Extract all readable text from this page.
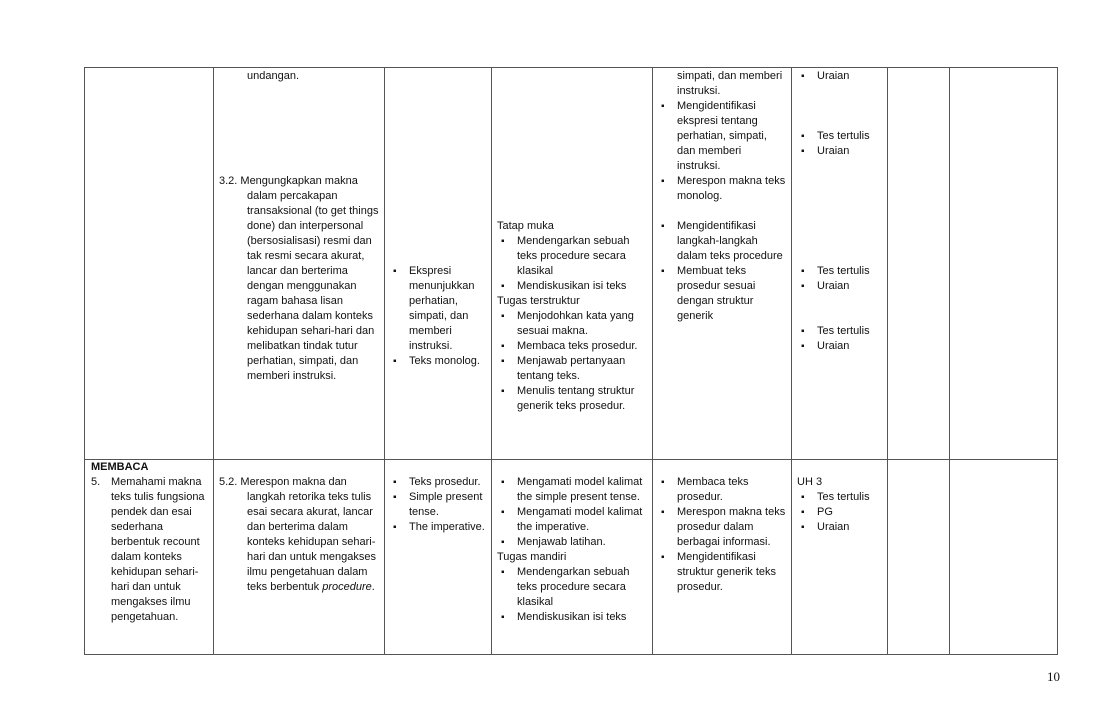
undangan.
3.2. Mengungkapkan makna
dalam percakapan
transaksional (to get things
done) dan interpersonal
(bersosialisasi) resmi dan
tak resmi secara akurat,
lancar dan berterima
dengan menggunakan
ragam bahasa lisan
sederhana dalam konteks
kehidupan sehari-hari dan
melibatkan tindak tutur
perhatian, simpati, dan
memberi instruksi.
▪ Ekspresi
menunjukkan
perhatian,
simpati, dan
memberi
instruksi.
▪ Teks monolog.
Tatap muka
▪ Mendengarkan sebuah
teks procedure secara
klasikal
▪ Mendiskusikan isi teks
Tugas terstruktur
▪ Menjodohkan kata yang
sesuai makna.
▪ Membaca teks prosedur.
▪ Menjawab pertanyaan
tentang teks.
▪ Menulis tentang struktur
generik teks prosedur.
simpati, dan memberi
instruksi.
▪ Mengidentifikasi
ekspresi tentang
perhatian, simpati,
dan memberi
instruksi.
▪ Merespon makna teks
monolog.
▪ Mengidentifikasi
langkah-langkah
dalam teks procedure
▪ Membuat teks
prosedur sesuai
dengan struktur
generik
▪ Uraian
▪ Tes tertulis
▪ Uraian
▪ Tes tertulis
▪ Uraian
▪ Tes tertulis
▪ Uraian
MEMBACA
5. Memahami makna
teks tulis fungsiona
pendek dan esai
sederhana
berbentuk recount
dalam konteks
kehidupan sehari-
hari dan untuk
mengakses ilmu
pengetahuan.
5.2. Merespon makna dan
langkah retorika teks tulis
esai secara akurat, lancar
dan berterima dalam
konteks kehidupan sehari-
hari dan untuk mengakses
ilmu pengetahuan dalam
teks berbentuk procedure.
▪ Teks prosedur.
▪ Simple present
tense.
▪ The imperative.
▪ Mengamati model kalimat
the simple present tense.
▪ Mengamati model kalimat
the imperative.
▪ Menjawab latihan.
Tugas mandiri
▪ Mendengarkan sebuah
teks procedure secara
klasikal
▪ Mendiskusikan isi teks
▪ Membaca teks
prosedur.
▪ Merespon makna teks
prosedur dalam
berbagai informasi.
▪ Mengidentifikasi
struktur generik teks
prosedur.
UH 3
▪ Tes tertulis
▪ PG
▪ Uraian
10
